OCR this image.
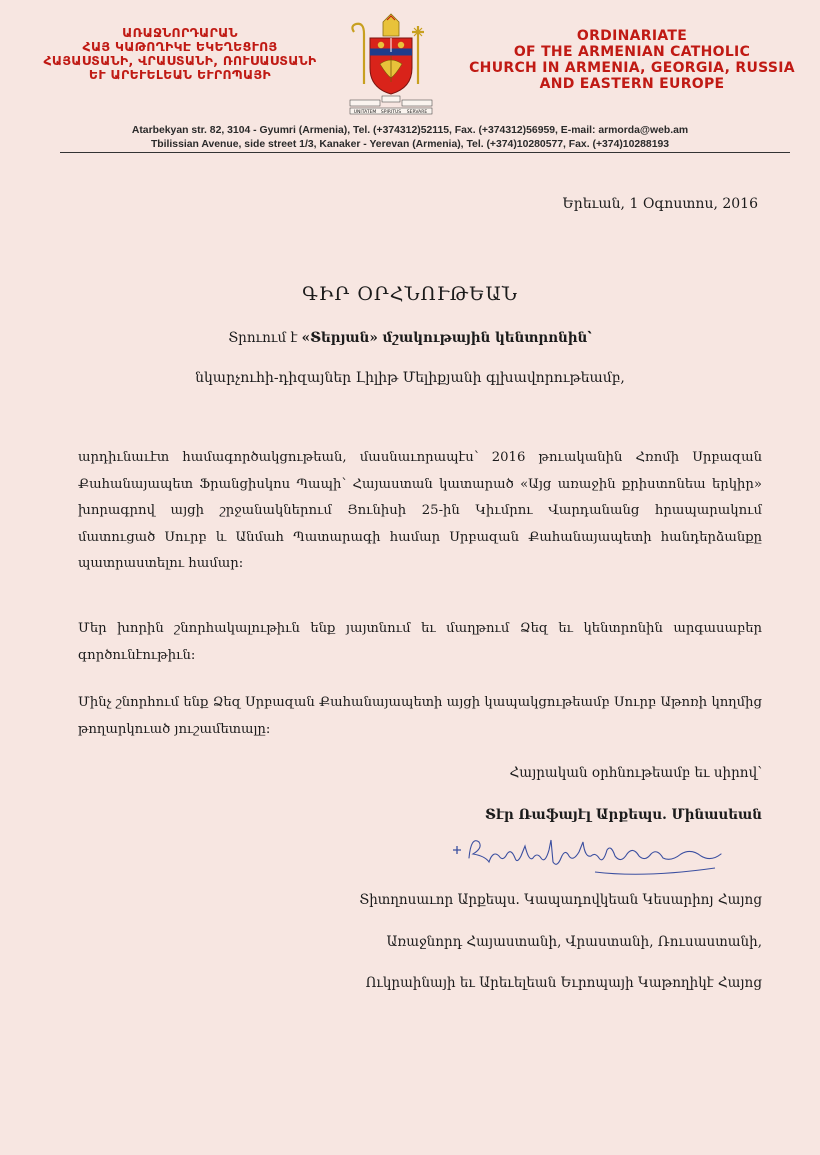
ԱՌԱՋՆՈՐԴԱՐԱՆ
ՀԱՅ ԿԱԹՈՂԻԿԷ ԵԿԵՂԵՑՒՈՅ
ՀԱՅԱՍՏԱՆԻ, ՎՐԱՍՏԱՆԻ, ՌՈՒՍԱՍՏԱՆԻ
ԵՒ ԱՐԵՒԵԼԵԱՆ ԵՒՐՈՊԱՅԻ
UNITATEM SPIRITUS SERVARE
ORDINARIATE
OF THE ARMENIAN CATHOLIC
CHURCH IN ARMENIA, GEORGIA, RUSSIA
AND EASTERN EUROPE
Atarbekyan str. 82, 3104 - Gyumri (Armenia), Tel. (+374312)52115, Fax. (+374312)56959, E-mail: armorda@web.am
Tbilissian Avenue, side street 1/3, Kanaker - Yerevan (Armenia), Tel. (+374)10280577, Fax. (+374)10288193
Երեւան, 1 Օգոստոս, 2016
ԳԻՐ ՕՐՀՆՈՒԹԵԱՆ
Տրուում է «Տերյան» մշակութային կենտրոնին՝
նկարչուհի-դիզայներ Լիլիթ Մելիքյանի գլխավորութեամբ,
արդիւնաւէտ համագործակցութեան, մասնաւորապէս՝ 2016 թուականին Հռոմի Սրբազան Քահանայապետ Ֆրանցիսկոս Պապի՝ Հայաստան կատարած «Այց առաջին քրիստոնեա երկիր» խորագրով այցի շրջանակներում Յունիսի 25-ին Կիւմրու Վարդանանց հրապարակում մատուցած Սուրբ և Անմահ Պատարագի համար Սրբազան Քահանայապետի հանդերձանքը պատրաստելու համար։
Մեր խորին շնորհակալութիւն ենք յայտնում եւ մաղթում Ձեզ եւ կենտրոնին արգասաբեր գործունէութիւն։
Մինչ շնորհում ենք Ձեզ Սրբազան Քահանայապետի այցի կապակցութեամբ Սուրբ Աթոռի կողմից թողարկուած յուշամետալը։
Հայրական օրհնութեամբ եւ սիրով՝
Տէր Ռաֆայէլ Արքեպս. Մինասեան
Տիտղոսաւոր Արքեպս. Կապադովկեան Կեսարիոյ Հայոց
Առաջնորդ Հայաստանի, Վրաստանի, Ռուսաստանի,
Ուկրաինայի եւ Արեւելեան Եւրոպայի Կաթողիկէ Հայոց
